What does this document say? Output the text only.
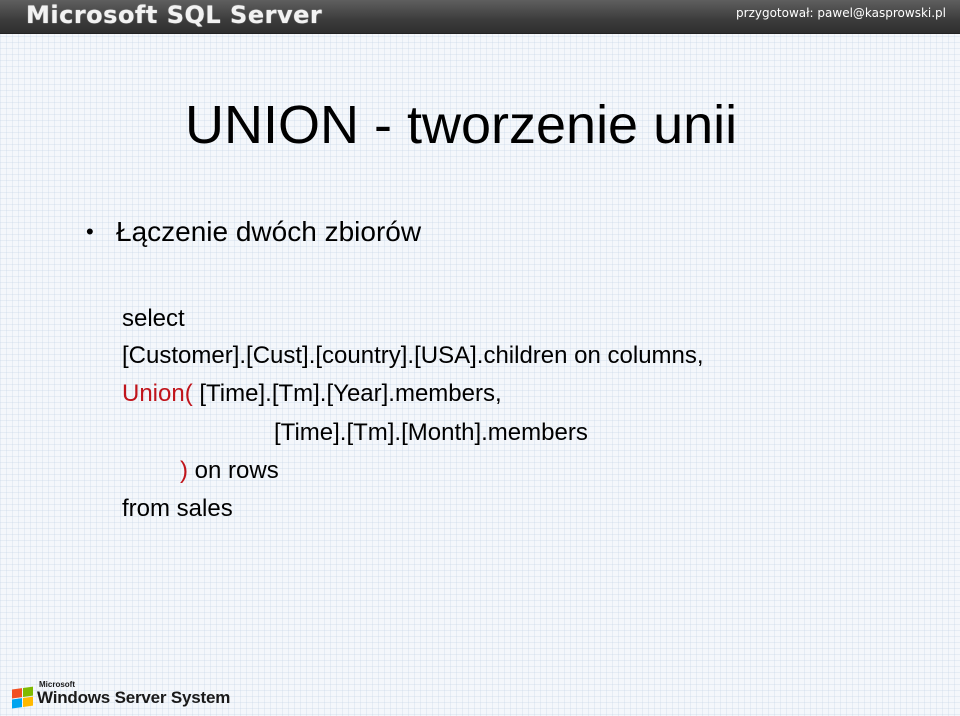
Microsoft SQL Server	przygotował: pawel@kasprowski.pl
UNION - tworzenie unii
• Łączenie dwóch zbiorów
select
[Customer].[Cust].[country].[USA].children on columns,
Union( [Time].[Tm].[Year].members,
[Time].[Tm].[Month].members
) on rows
from sales
Microsoft
Windows Server System
